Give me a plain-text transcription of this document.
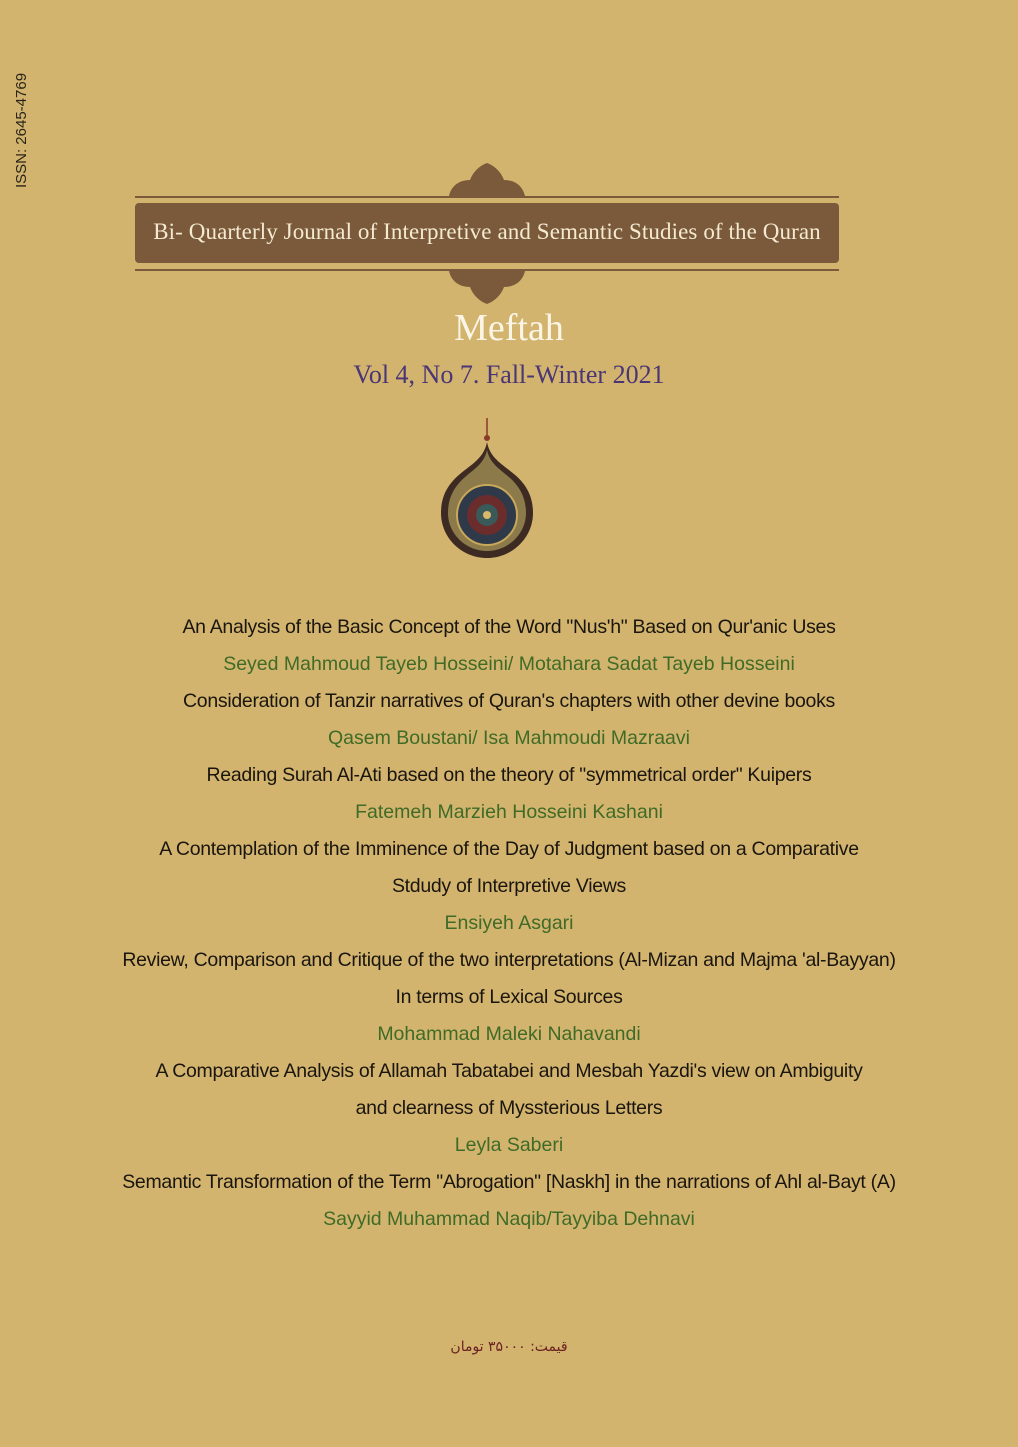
ISSN: 2645-4769
Bi- Quarterly Journal of Interpretive and Semantic Studies of the Quran
Meftah
Vol 4, No 7. Fall-Winter 2021
An Analysis of the Basic Concept of the Word "Nus'h" Based on Qur'anic Uses
Seyed Mahmoud Tayeb Hosseini/ Motahara Sadat Tayeb Hosseini
Consideration of Tanzir narratives of Quran's chapters with other devine books
Qasem Boustani/ Isa Mahmoudi Mazraavi
Reading Surah Al-Ati based on the theory of "symmetrical order" Kuipers
Fatemeh Marzieh Hosseini Kashani
A Contemplation of the Imminence of the Day of Judgment based on a Comparative
Stdudy of Interpretive Views
Ensiyeh Asgari
Review, Comparison and Critique of the two interpretations (Al-Mizan and Majma 'al-Bayyan)
In terms of Lexical Sources
Mohammad Maleki Nahavandi
A Comparative Analysis of Allamah Tabatabei and Mesbah Yazdi's view on Ambiguity
and clearness of Myssterious Letters
Leyla Saberi
Semantic Transformation of the Term "Abrogation" [Naskh] in the narrations of Ahl al-Bayt (A)
Sayyid Muhammad Naqib/Tayyiba Dehnavi
قیمت: ۳۵۰۰۰ تومان
